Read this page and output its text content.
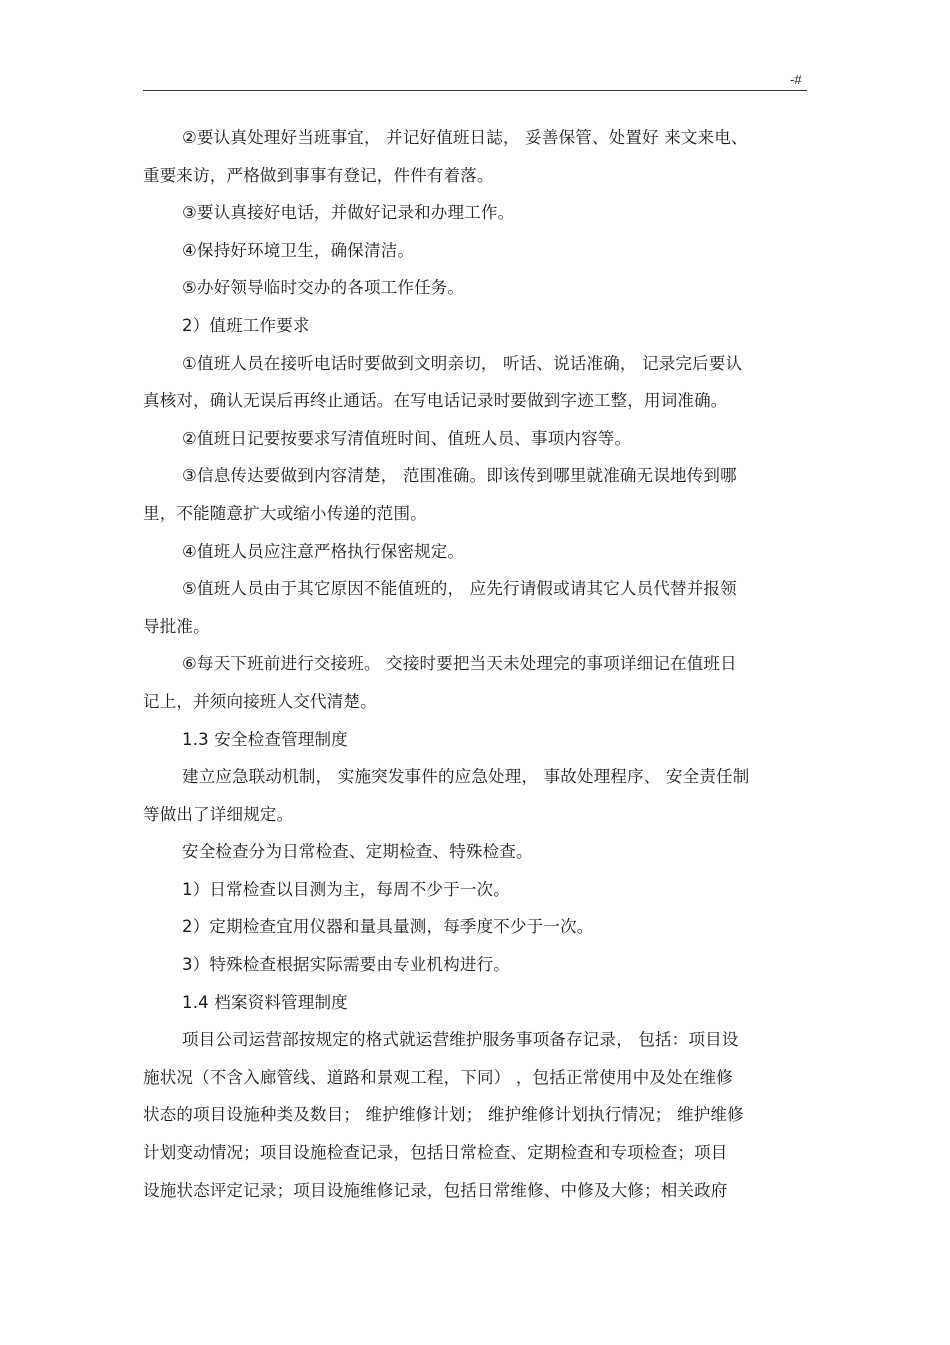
-#
②要认真处理好当班事宜， 并记好值班日誌， 妥善保管、处置好 来文来电、
重要来访，严格做到事事有登记，件件有着落。
③要认真接好电话，并做好记录和办理工作。
④保持好环境卫生，确保清洁。
⑤办好领导临时交办的各项工作任务。
2）值班工作要求
①值班人员在接听电话时要做到文明亲切， 听话、说话准确， 记录完后要认
真核对，确认无误后再终止通话。在写电话记录时要做到字迹工整，用词准确。
②值班日记要按要求写清值班时间、值班人员、事项内容等。
③信息传达要做到内容清楚， 范围准确。即该传到哪里就准确无误地传到哪
里，不能随意扩大或缩小传递的范围。
④值班人员应注意严格执行保密规定。
⑤值班人员由于其它原因不能值班的， 应先行请假或请其它人员代替并报领
导批准。
⑥每天下班前进行交接班。 交接时要把当天未处理完的事项详细记在值班日
记上，并须向接班人交代清楚。
1.3 安全检查管理制度
建立应急联动机制， 实施突发事件的应急处理， 事故处理程序、 安全责任制
等做出了详细规定。
安全检查分为日常检查、定期检查、特殊检查。
1）日常检查以目测为主，每周不少于一次。
2）定期检查宜用仪器和量具量测，每季度不少于一次。
3）特殊检查根据实际需要由专业机构进行。
1.4 档案资料管理制度
项目公司运营部按规定的格式就运营维护服务事项备存记录， 包括：项目设
施状况（不含入廊管线、道路和景观工程，下同） ，包括正常使用中及处在维修
状态的项目设施种类及数目； 维护维修计划； 维护维修计划执行情况； 维护维修
计划变动情况；项目设施检查记录，包括日常检查、定期检查和专项检查；项目
设施状态评定记录；项目设施维修记录，包括日常维修、中修及大修；相关政府
